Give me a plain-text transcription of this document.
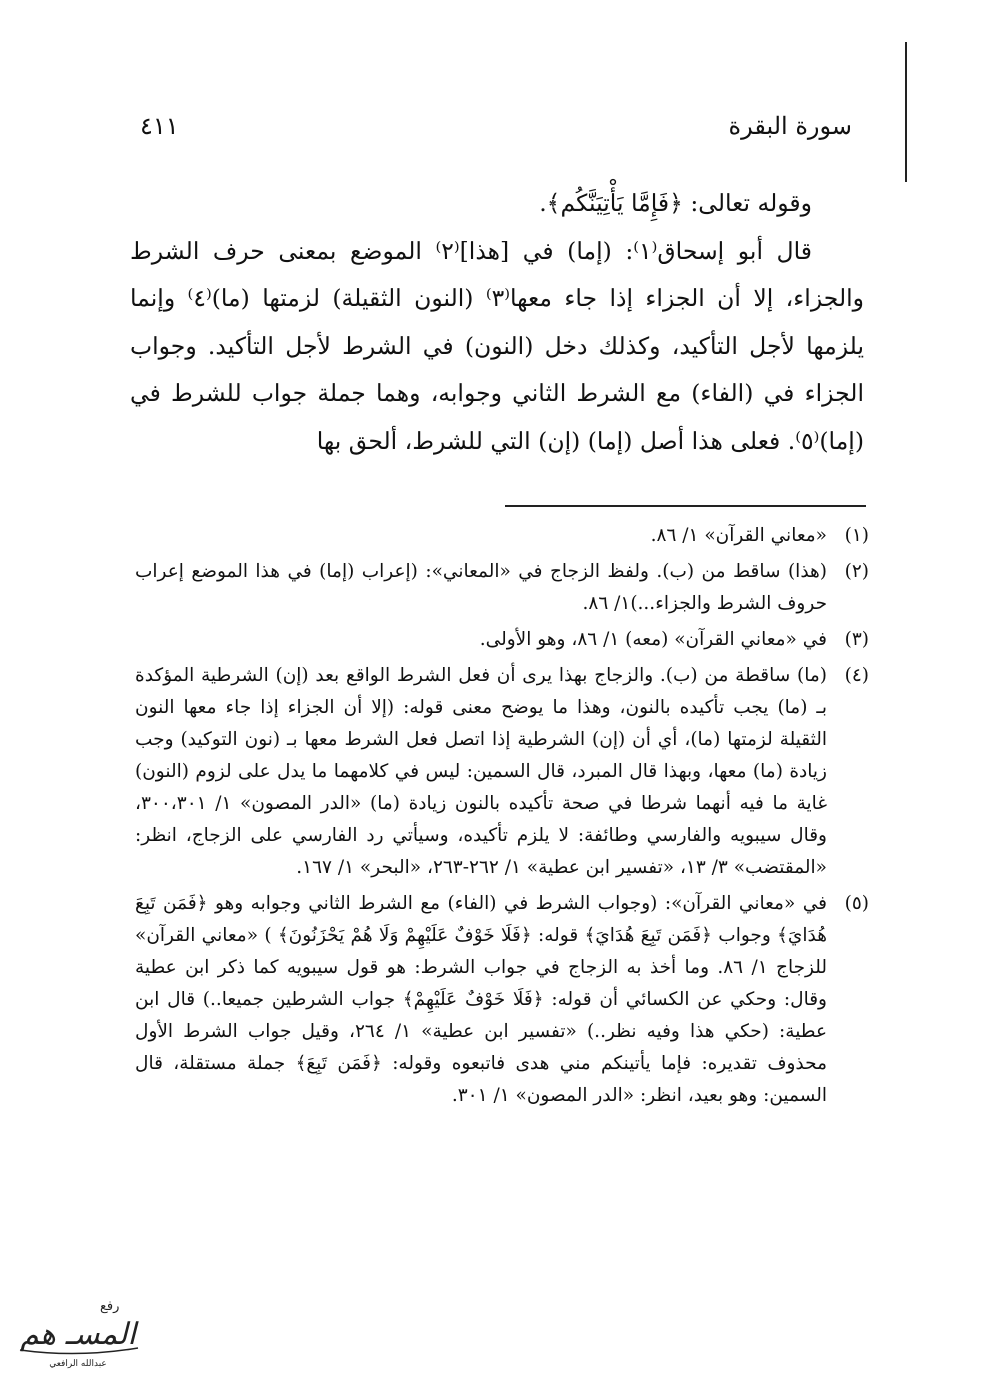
سورة البقرة
٤١١

وقوله تعالى: ﴿فَإِمَّا يَأْتِيَنَّكُم﴾.

قال أبو إسحاق⁽١⁾: (إما) في [هذا]⁽٢⁾ الموضع بمعنى حرف الشرط والجزاء، إلا أن الجزاء إذا جاء معها⁽٣⁾ (النون الثقيلة) لزمتها (ما)⁽٤⁾ وإنما يلزمها لأجل التأكيد، وكذلك دخل (النون) في الشرط لأجل التأكيد. وجواب الجزاء في (الفاء) مع الشرط الثاني وجوابه، وهما جملة جواب للشرط في (إما)⁽٥⁾. فعلى هذا أصل (إما) (إن) التي للشرط، ألحق بها

(١)
«معاني القرآن» ١/ ٨٦.
(٢)
(هذا) ساقط من (ب). ولفظ الزجاج في «المعاني»: (إعراب (إما) في هذا الموضع إعراب حروف الشرط والجزاء...)١/ ٨٦.
(٣)
في «معاني القرآن» (معه) ١/ ٨٦، وهو الأولى.
(٤)
(ما) ساقطة من (ب). والزجاج بهذا يرى أن فعل الشرط الواقع بعد (إن) الشرطية المؤكدة بـ (ما) يجب تأكيده بالنون، وهذا ما يوضح معنى قوله: (إلا أن الجزاء إذا جاء معها النون الثقيلة لزمتها (ما)، أي أن (إن) الشرطية إذا اتصل فعل الشرط معها بـ (نون التوكيد) وجب زيادة (ما) معها، وبهذا قال المبرد، قال السمين: ليس في كلامهما ما يدل على لزوم (النون) غاية ما فيه أنهما شرطا في صحة تأكيده بالنون زيادة (ما) «الدر المصون» ١/ ٣٠٠،٣٠١، وقال سيبويه والفارسي وطائفة: لا يلزم تأكيده، وسيأتي رد الفارسي على الزجاج، انظر: «المقتضب» ٣/ ١٣، «تفسير ابن عطية» ١/ ٢٦٢-٢٦٣، «البحر» ١/ ١٦٧.
(٥)
في «معاني القرآن»: (وجواب الشرط في (الفاء) مع الشرط الثاني وجوابه وهو ﴿فَمَن تَبِعَ هُدَايَ﴾ وجواب ﴿فَمَن تَبِعَ هُدَايَ﴾ قوله: ﴿فَلَا خَوْفٌ عَلَيْهِمْ وَلَا هُمْ يَحْزَنُونَ﴾ ) «معاني القرآن» للزجاج ١/ ٨٦. وما أخذ به الزجاج في جواب الشرط: هو قول سيبويه كما ذكر ابن عطية وقال: وحكي عن الكسائي أن قوله: ﴿فَلَا خَوْفٌ عَلَيْهِمْ﴾ جواب الشرطين جميعا..) قال ابن عطية: (حكي هذا وفيه نظر..) «تفسير ابن عطية» ١/ ٢٦٤، وقيل جواب الشرط الأول محذوف تقديره: فإما يأتينكم مني هدى فاتبعوه وقوله: ﴿فَمَن تَبِعَ﴾ جملة مستقلة، قال السمين: وهو بعيد، انظر: «الدر المصون» ١/ ٣٠١.
رفع
المسـ هم
عبدالله الرافعي
